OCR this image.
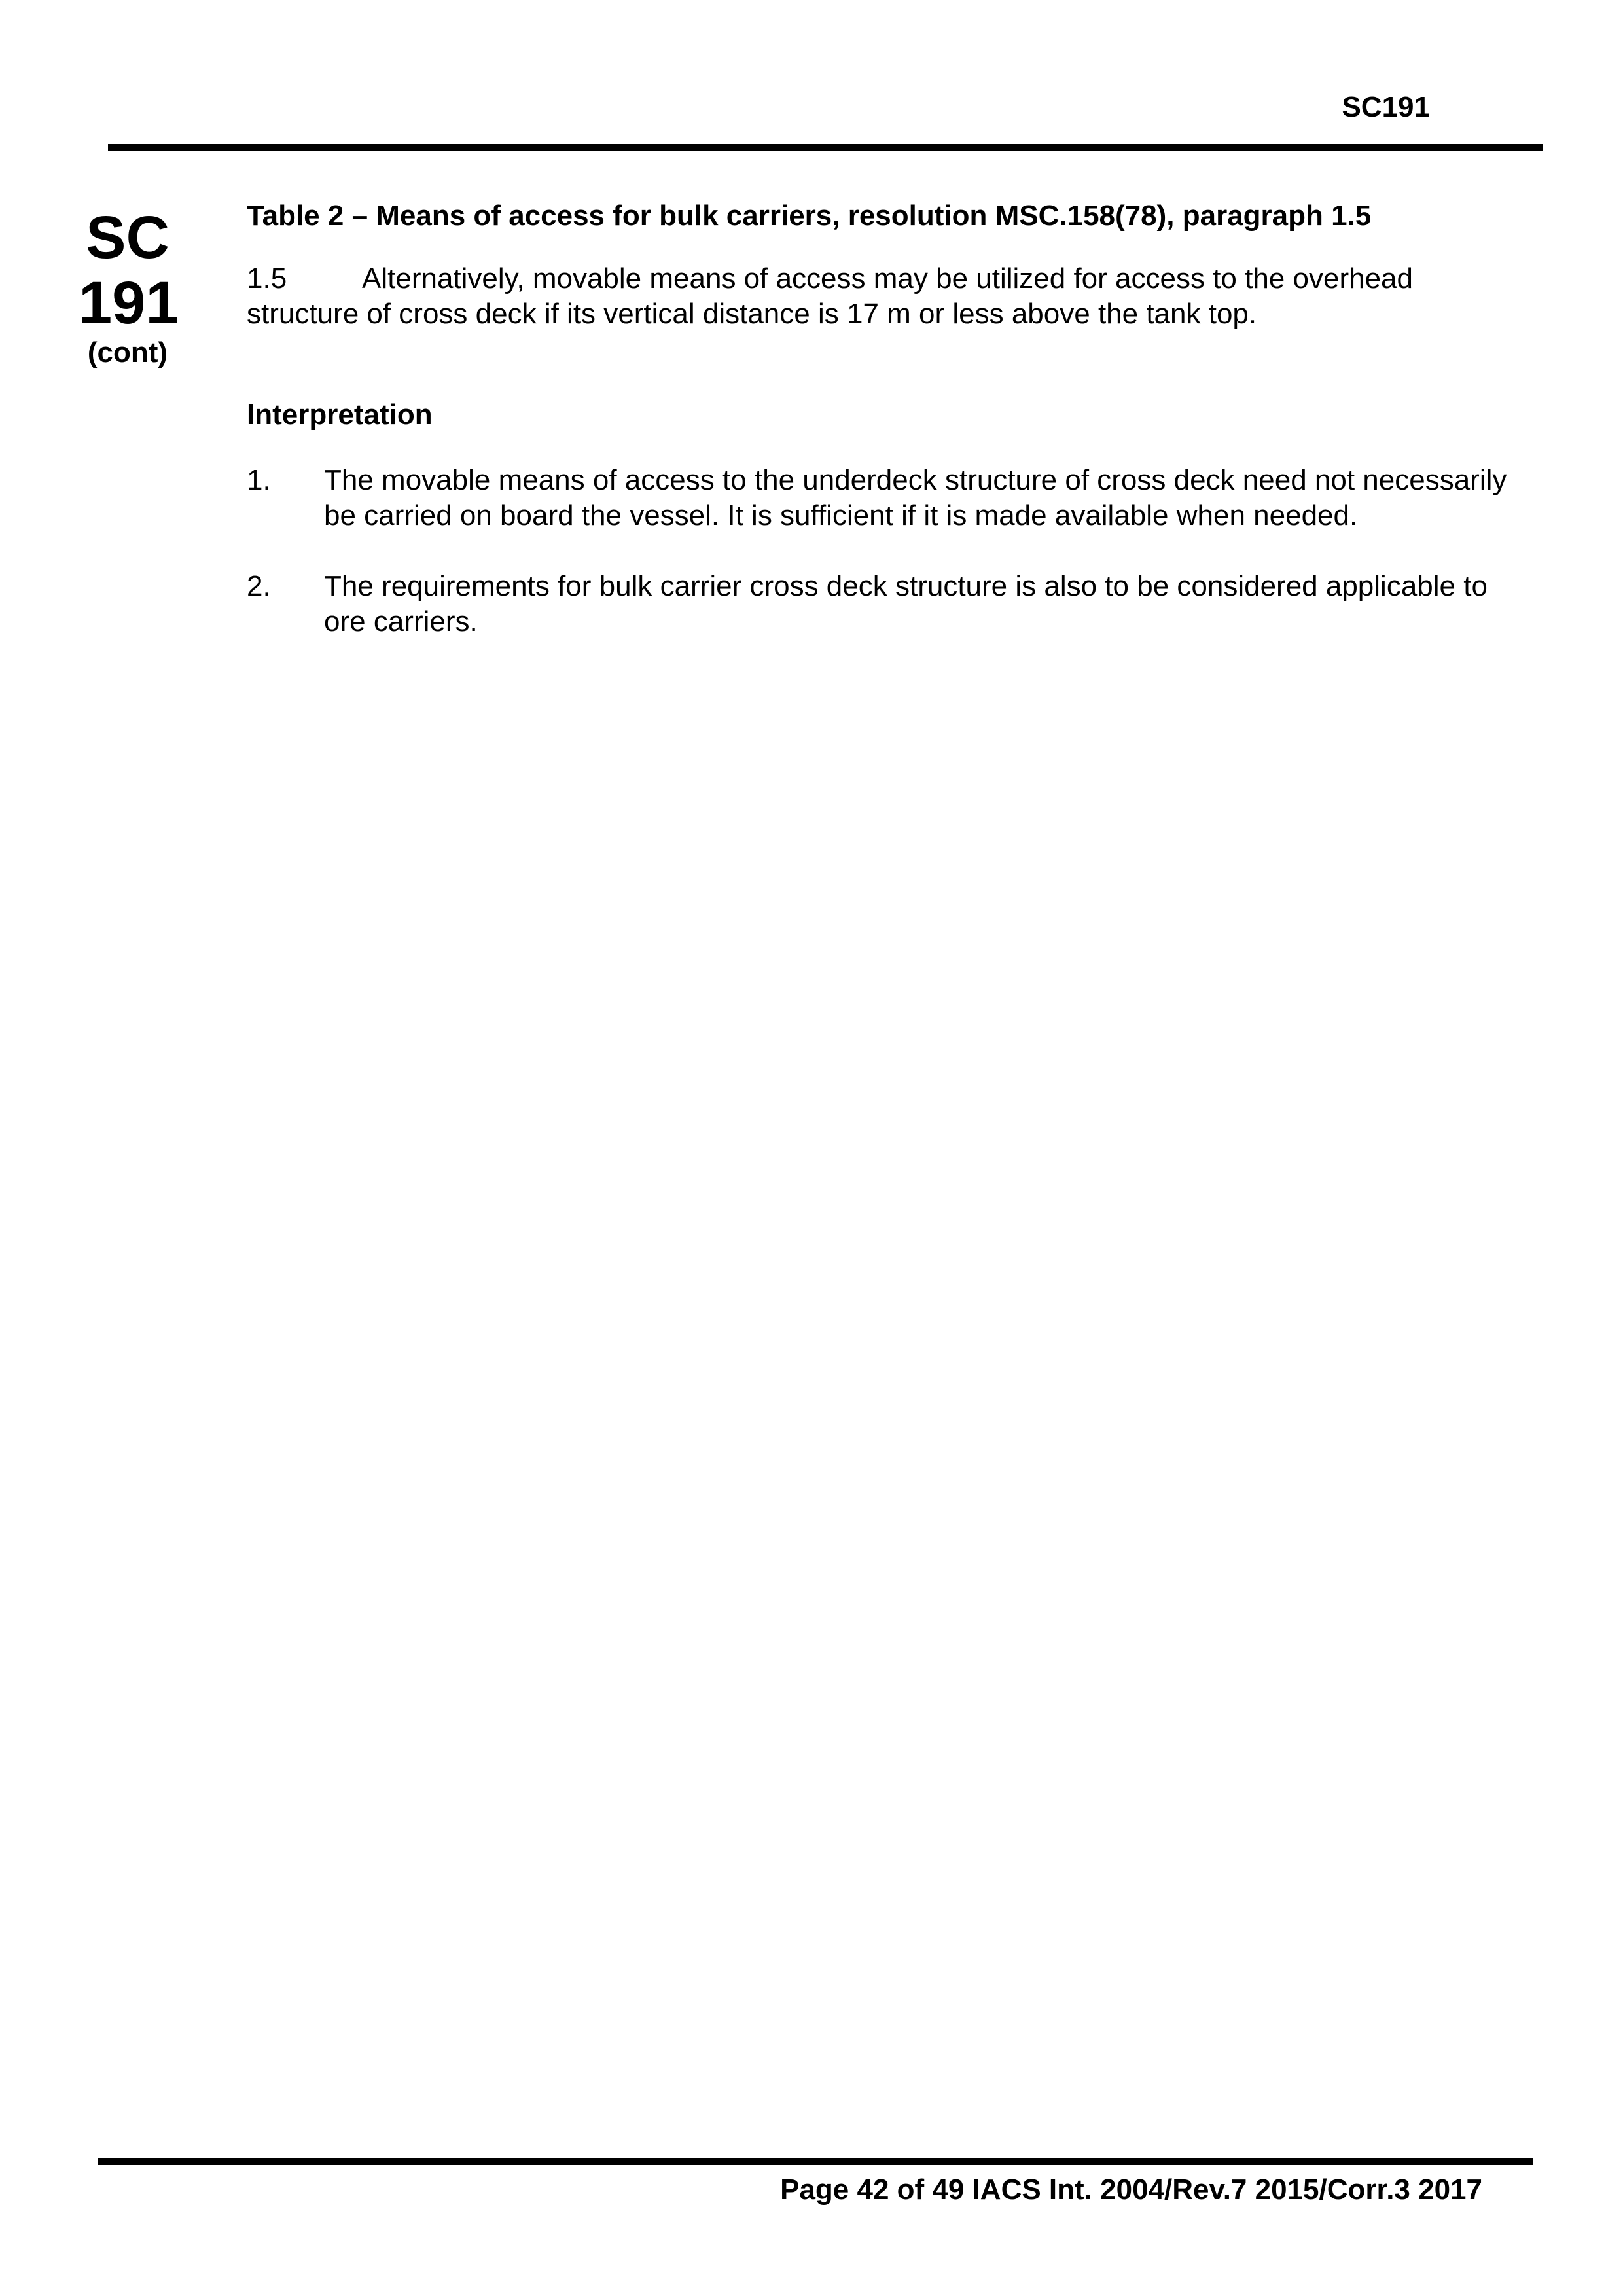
SC191
SC
191
(cont)

Table 2 – Means of access for bulk carriers, resolution MSC.158(78), paragraph 1.5

1.5	Alternatively, movable means of access may be utilized for access to the overhead structure of cross deck if its vertical distance is 17 m or less above the tank top.

Interpretation

1. The movable means of access to the underdeck structure of cross deck need not necessarily be carried on board the vessel. It is sufficient if it is made available when needed.
2. The requirements for bulk carrier cross deck structure is also to be considered applicable to ore carriers.
Page 42 of 49 IACS Int. 2004/Rev.7 2015/Corr.3 2017
